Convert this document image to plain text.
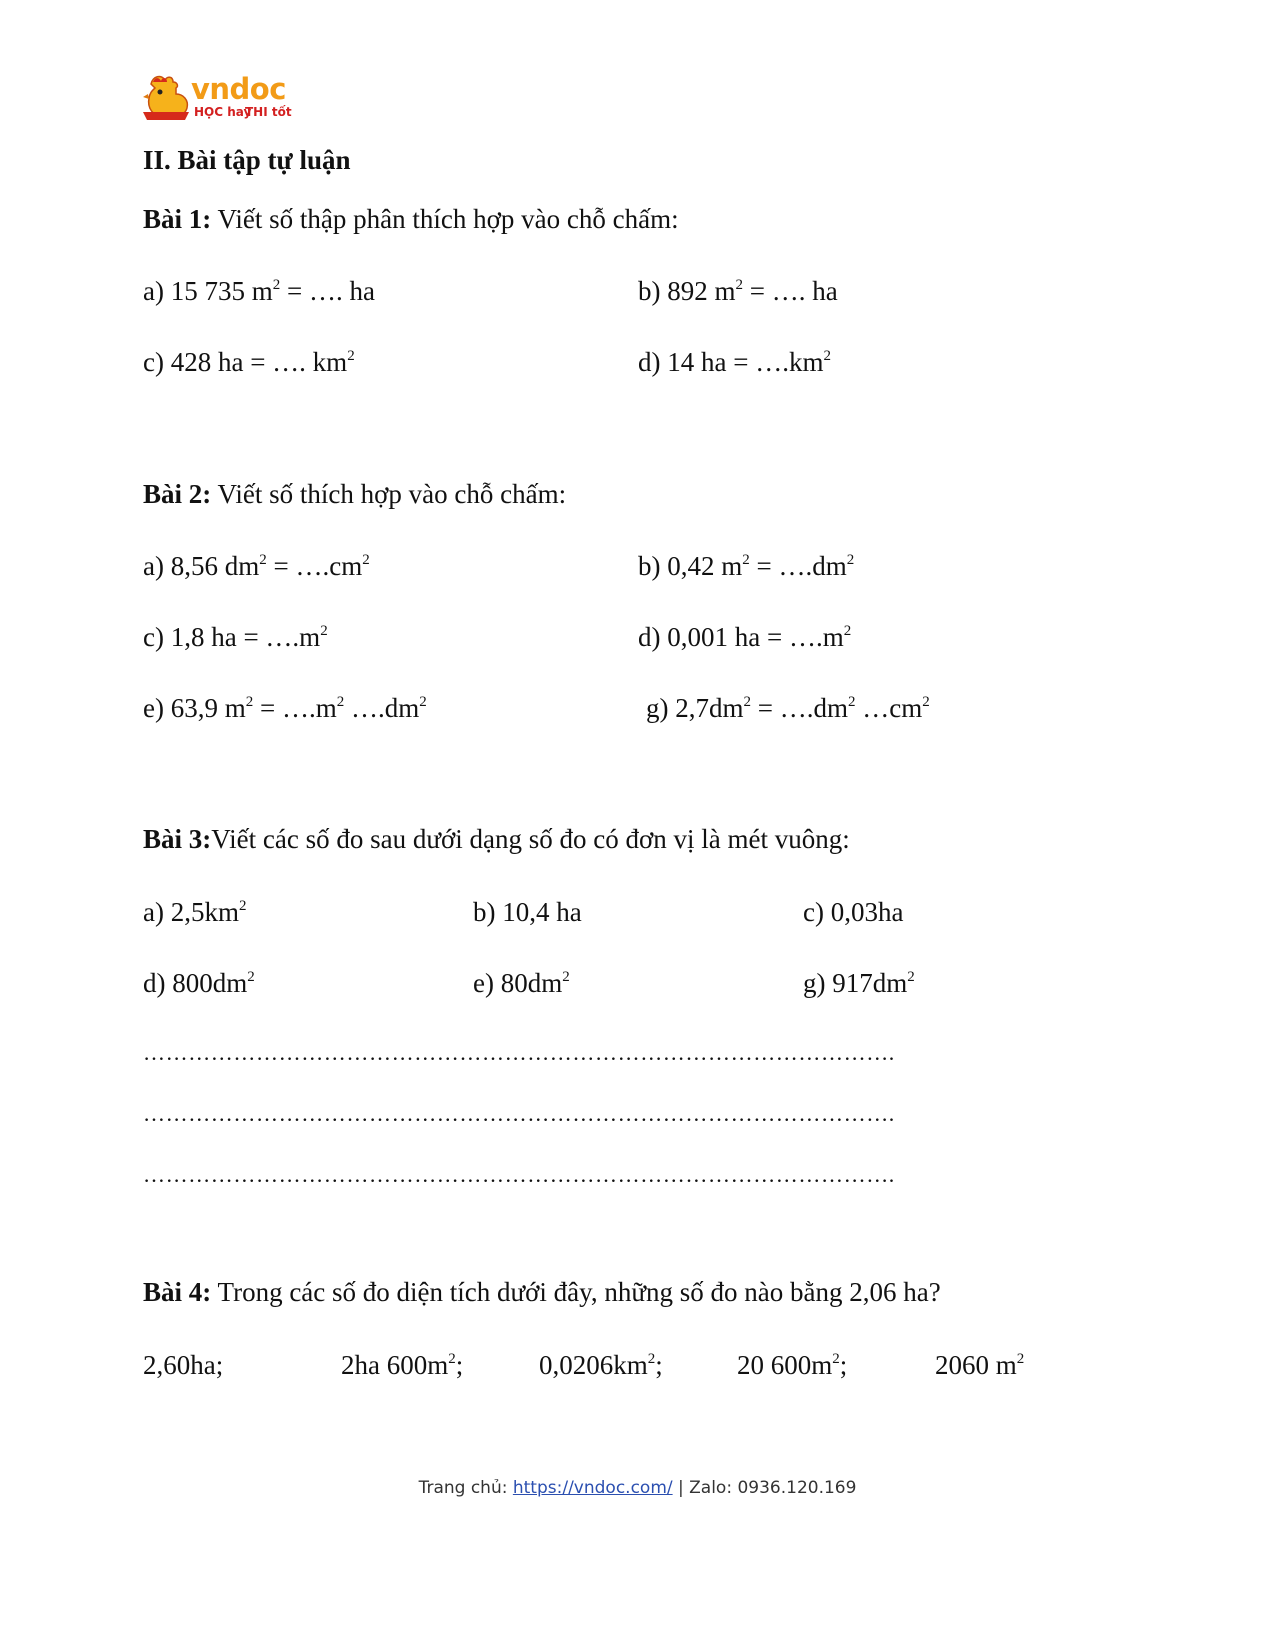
vndoc
HỌC hay
THI tốt
II. Bài tập tự luận
Bài 1: Viết số thập phân thích hợp vào chỗ chấm:
a) 15 735 $m^2$ = …. ha	b) 892 $m^2$ = …. ha
c) 428 ha = …. $km^2$	d) 14 ha = $\dots.km^2$
Bài 2: Viết số thích hợp vào chỗ chấm:
a) 8,56 $dm^2$ = $\dots.cm^2$	b) 0,42 $m^2$ = $\dots.dm^2$
c) 1,8 ha = $\dots.m^2$	d) 0,001 ha = $\dots.m^2$
e) 63,9 $m^2$ = $\dots.m^2$ $\dots.dm^2$	g) $2,7dm^2$ = $\dots.dm^2$ $\dots cm^2$
Bài 3:Viết các số đo sau dưới dạng số đo có đơn vị là mét vuông:
a) $2,5km^2$	b) 10,4 ha	c) 0,03ha
d) $800dm^2$	e) $80dm^2$	g) $917dm^2$
……………………………………………………………………………………….
……………………………………………………………………………………….
……………………………………………………………………………………….
Bài 4: Trong các số đo diện tích dưới đây, những số đo nào bằng 2,06 ha?
2,60ha;	2ha $600m^2$;	$0,0206km^2$;	20 $600m^2$;	2060 $m^2$
Trang chủ: https://vndoc.com/ | Zalo: 0936.120.169
